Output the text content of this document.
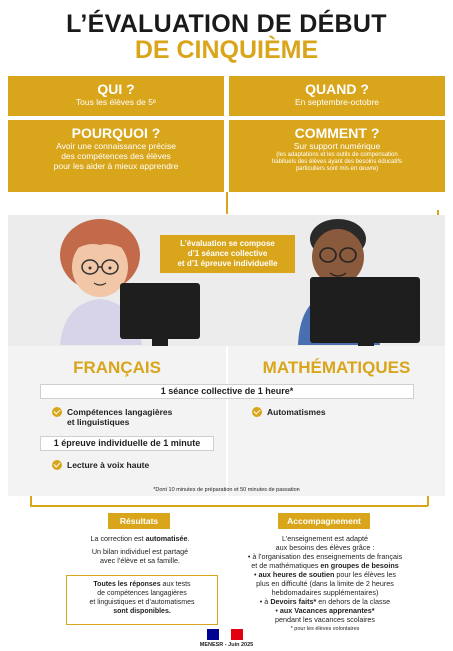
L’ÉVALUATION DE DÉBUT
DE CINQUIÈME
QUI ?
Tous les élèves de 5ᵉ
QUAND ?
En septembre-octobre
POURQUOI ?
Avoir une connaissance précise
des compétences des élèves
pour les aider à mieux apprendre
COMMENT ?
Sur support numérique
(les adaptations et les outils de compensation
habituels des élèves ayant des besoins éducatifs
particuliers sont mis en œuvre)
L’évaluation se compose
d’1 séance collective
et d’1 épreuve individuelle
FRANÇAIS	MATHÉMATIQUES
1 séance collective de 1 heure*
Compétences langagières
et linguistiques
Automatismes
1 épreuve individuelle de 1 minute
Lecture à voix haute
*Dont 10 minutes de préparation et 50 minutes de passation
Résultats
La correction est automatisée.
Un bilan individuel est partagé
avec l’élève et sa famille.
Toutes les réponses aux tests
de compétences langagières
et linguistiques et d’automatismes
sont disponibles.
Accompagnement
L’enseignement est adapté
aux besoins des élèves grâce :
• à l’organisation des enseignements de français
et de mathématiques en groupes de besoins
• aux heures de soutien pour les élèves les
plus en difficulté (dans la limite de 2 heures
hebdomadaires supplémentaires)
• à Devoirs faits* en dehors de la classe
• aux Vacances apprenantes*
pendant les vacances scolaires
* pour les élèves volontaires
MENESR - Juin 2025
